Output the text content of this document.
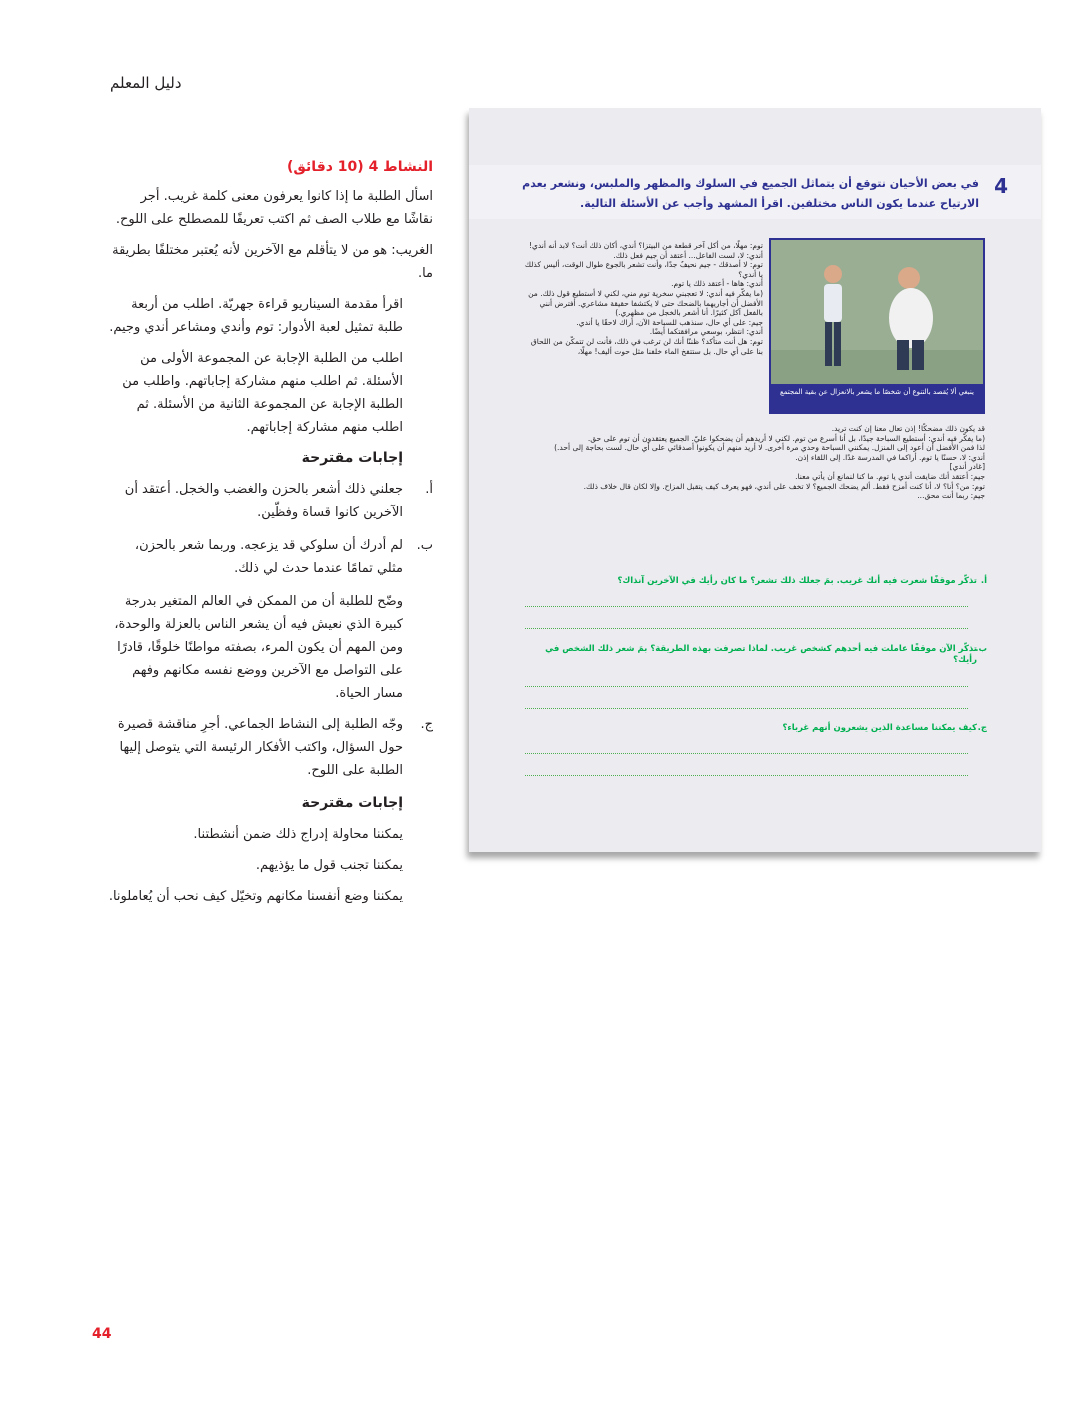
دليل المعلم
النشاط 4 (10 دقائق)

اسأل الطلبة ما إذا كانوا يعرفون معنى كلمة غريب. أجر نقاشًا مع طلاب الصف ثم اكتب تعريفًا للمصطلح على اللوح.

الغريب: هو من لا يتأقلم مع الآخرين لأنه يُعتبر مختلفًا بطريقة ما.

اقرأ مقدمة السيناريو قراءة جهريّة. اطلب من أربعة طلبة تمثيل لعبة الأدوار: توم وأندي ومشاعر أندي وجيم.

اطلب من الطلبة الإجابة عن المجموعة الأولى من الأسئلة. ثم اطلب منهم مشاركة إجاباتهم. واطلب من الطلبة الإجابة عن المجموعة الثانية من الأسئلة. ثم اطلب منهم مشاركة إجاباتهم.

إجابات مقترحة
أ.
جعلني ذلك أشعر بالحزن والغضب والخجل. أعتقد أن الآخرين كانوا قساة وفظّين.
ب.
لم أدرك أن سلوكي قد يزعجه. وربما شعر بالحزن، مثلي تمامًا عندما حدث لي ذلك.

وضّح للطلبة أن من الممكن في العالم المتغير بدرجة كبيرة الذي نعيش فيه أن يشعر الناس بالعزلة والوحدة، ومن المهم أن يكون المرء، بصفته مواطنًا خلوقًا، قادرًا على التواصل مع الآخرين ووضع نفسه مكانهم وفهم مسار الحياة.

ج.
وجّه الطلبة إلى النشاط الجماعي. أجرِ مناقشة قصيرة حول السؤال، واكتب الأفكار الرئيسة التي يتوصل إليها الطلبة على اللوح.
إجابات مقترحة

يمكننا محاولة إدراج ذلك ضمن أنشطتنا.

يمكننا تجنب قول ما يؤذيهم.

يمكننا وضع أنفسنا مكانهم وتخيّل كيف نحب أن يُعاملونا.

4
في بعض الأحيان نتوقع أن يتماثل الجميع في السلوك والمظهر والملبس، ونشعر بعدم الارتياح عندما يكون الناس مختلفين. اقرأ المشهد وأجب عن الأسئلة التالية.
ينبغي ألا يُقصد بالتنوع أن شخصًا ما يشعر بالانعزال عن بقية المجتمع
توم: مهلًا، من أكل آخر قطعة من البيتزا؟ أندي، أكان ذلك أنت؟ لابد أنه أندي!
أندي: لا، لست الفاعل... أعتقد أن جيم فعل ذلك.
توم: لا أصدقك - جيم نحيفٌ جدًا، وأنت تشعر بالجوع طوال الوقت، أليس كذلك يا أندي؟
أندي: هاها - أعتقد ذلك يا توم.
(ما يفكّر فيه أندي: لا تعجبني سخرية توم مني، لكني لا أستطيع قول ذلك. من الأفضل أن أجاريهما بالضحك حتى لا يكتشفا حقيقة مشاعري. أفترض أنني بالفعل آكل كثيرًا. أنا أشعر بالخجل من مظهري.)
جيم: على أي حال، سنذهب للسباحة الآن، أراك لاحقًا يا أندي.
أندي: انتظر، بوسعي مرافقتكما أيضًا.
توم: هل أنت متأكد؟ ظننّا أنك لن ترغب في ذلك، فأنت لن تتمكّن من اللحاق بنا على أي حال. بل ستتفخ الماء خلفنا مثل حوت أليف! مهلًا،
قد يكون ذلك مضحكًا! إذن تعال معنا إن كنت تريد.
(ما يفكّر فيه أندي: أستطيع السباحة جيدًا، بل أنا أسرع من توم. لكني لا أريدهم أن يضحكوا عليّ. الجميع يعتقدون أن توم على حق.
لذا فمن الأفضل أن أعود إلى المنزل. يمكنني السباحة وحدي مرة أخرى. لا أريد منهم أن يكونوا أصدقائي على أي حال. لست بحاجة إلى أحد.)
أندي: لا، حسنًا يا توم. أراكما في المدرسة غدًا. إلى اللقاء إذن.
[غادر أندي]
جيم: أعتقد أنك ضايقت أندي يا توم. ما كنا لنمانع أن يأتي معنا.
توم: من؟ أنا؟ لا، أنا كنت أمزح فقط. ألم يضحك الجميع؟ لا تخف على أندي، فهو يعرف كيف يتقبل المزاح. وإلا لكان قال خلاف ذلك.
جيم: ربما أنت محق...
أ.
تذكّر موقفًا شعرت فيه أنك غريب. بمَ جعلك ذلك تشعر؟ ما كان رأيك في الآخرين آنذاك؟
ب.
تذكّر الآن موقفًا عاملت فيه أحدهم كشخص غريب. لماذا تصرفت بهذه الطريقة؟ بمَ شعر ذلك الشخص في رأيك؟
ج.
كيف يمكننا مساعدة الذين يشعرون أنهم غرباء؟
44
